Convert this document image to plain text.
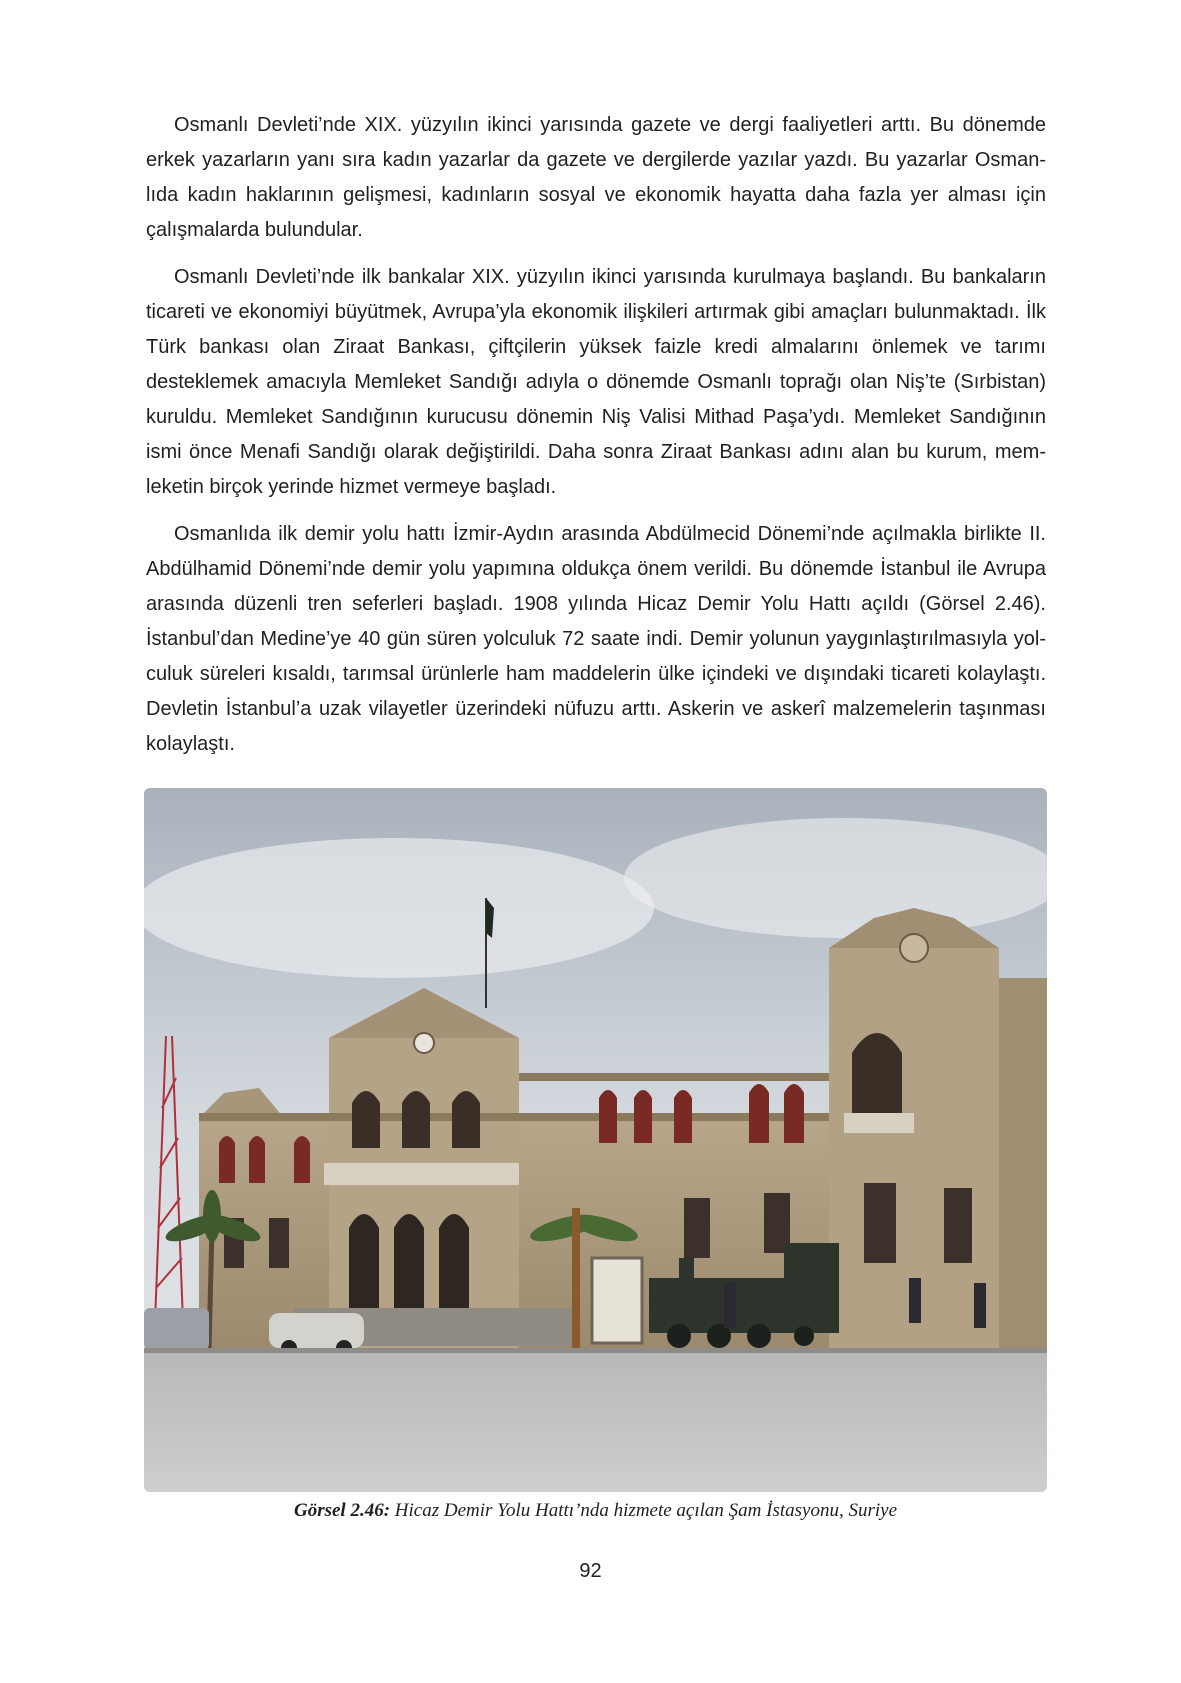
Osmanlı Devleti’nde XIX. yüzyılın ikinci yarısında gazete ve dergi faaliyetleri arttı. Bu dönemde erkek yazarların yanı sıra kadın yazarlar da gazete ve dergilerde yazılar yazdı. Bu yazarlar Osmanlıda kadın haklarının gelişmesi, kadınların sosyal ve ekonomik hayatta daha fazla yer alması için çalışmalarda bulundular.

Osmanlı Devleti’nde ilk bankalar XIX. yüzyılın ikinci yarısında kurulmaya başlandı. Bu bankaların ticareti ve ekonomiyi büyütmek, Avrupa’yla ekonomik ilişkileri artırmak gibi amaçları bulunmaktadı. İlk Türk bankası olan Ziraat Bankası, çiftçilerin yüksek faizle kredi almalarını önlemek ve tarımı desteklemek amacıyla Memleket Sandığı adıyla o dönemde Osmanlı toprağı olan Niş’te (Sırbistan) kuruldu. Memleket Sandığının kurucusu dönemin Niş Valisi Mithad Paşa’ydı. Memleket Sandığının ismi önce Menafi Sandığı olarak değiştirildi. Daha sonra Ziraat Bankası adını alan bu kurum, memleketin birçok yerinde hizmet vermeye başladı.

Osmanlıda ilk demir yolu hattı İzmir-Aydın arasında Abdülmecid Dönemi’nde açılmakla birlikte II. Abdülhamid Dönemi’nde demir yolu yapımına oldukça önem verildi. Bu dönemde İstanbul ile Avrupa arasında düzenli tren seferleri başladı. 1908 yılında Hicaz Demir Yolu Hattı açıldı (Görsel 2.46). İstanbul’dan Medine’ye 40 gün süren yolculuk 72 saate indi. Demir yolunun yaygınlaştırılmasıyla yolculuk süreleri kısaldı, tarımsal ürünlerle ham maddelerin ülke içindeki ve dışındaki ticareti kolaylaştı. Devletin İstanbul’a uzak vilayetler üzerindeki nüfuzu arttı. Askerin ve askerî malzemelerin taşınması kolaylaştı.

Görsel 2.46: Hicaz Demir Yolu Hattı’nda hizmete açılan Şam İstasyonu, Suriye
92
